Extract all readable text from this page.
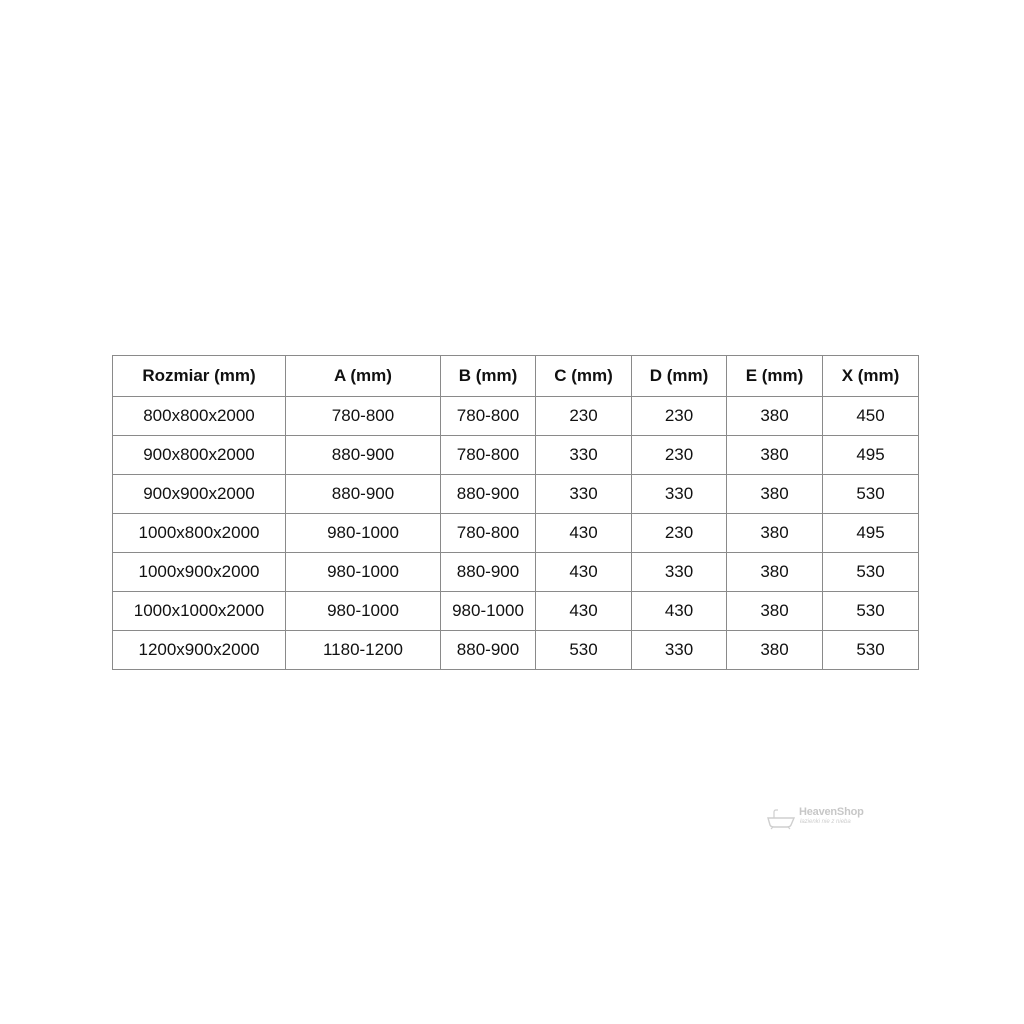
Rozmiar (mm)	A (mm)	B (mm)	C (mm)	D (mm)	E (mm)	X (mm)
800x800x2000	780-800	780-800	230	230	380	450
900x800x2000	880-900	780-800	330	230	380	495
900x900x2000	880-900	880-900	330	330	380	530
1000x800x2000	980-1000	780-800	430	230	380	495
1000x900x2000	980-1000	880-900	430	330	380	530
1000x1000x2000	980-1000	980-1000	430	430	380	530
1200x900x2000	1180-1200	880-900	530	330	380	530
HeavenShop
łazienki nie z nieba
